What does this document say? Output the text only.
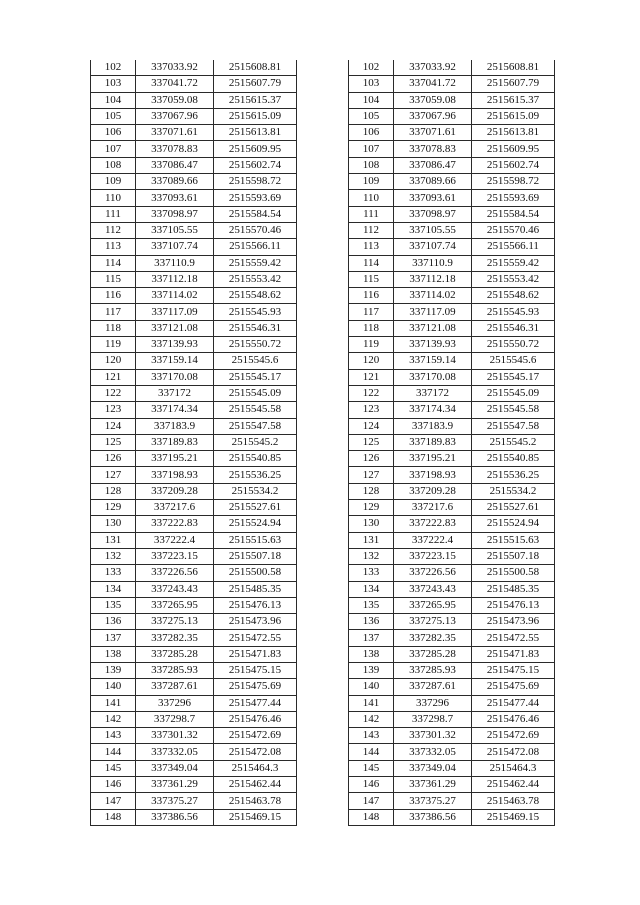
102	337033.92	2515608.81
103	337041.72	2515607.79
104	337059.08	2515615.37
105	337067.96	2515615.09
106	337071.61	2515613.81
107	337078.83	2515609.95
108	337086.47	2515602.74
109	337089.66	2515598.72
110	337093.61	2515593.69
111	337098.97	2515584.54
112	337105.55	2515570.46
113	337107.74	2515566.11
114	337110.9	2515559.42
115	337112.18	2515553.42
116	337114.02	2515548.62
117	337117.09	2515545.93
118	337121.08	2515546.31
119	337139.93	2515550.72
120	337159.14	2515545.6
121	337170.08	2515545.17
122	337172	2515545.09
123	337174.34	2515545.58
124	337183.9	2515547.58
125	337189.83	2515545.2
126	337195.21	2515540.85
127	337198.93	2515536.25
128	337209.28	2515534.2
129	337217.6	2515527.61
130	337222.83	2515524.94
131	337222.4	2515515.63
132	337223.15	2515507.18
133	337226.56	2515500.58
134	337243.43	2515485.35
135	337265.95	2515476.13
136	337275.13	2515473.96
137	337282.35	2515472.55
138	337285.28	2515471.83
139	337285.93	2515475.15
140	337287.61	2515475.69
141	337296	2515477.44
142	337298.7	2515476.46
143	337301.32	2515472.69
144	337332.05	2515472.08
145	337349.04	2515464.3
146	337361.29	2515462.44
147	337375.27	2515463.78
148	337386.56	2515469.15
102	337033.92	2515608.81
103	337041.72	2515607.79
104	337059.08	2515615.37
105	337067.96	2515615.09
106	337071.61	2515613.81
107	337078.83	2515609.95
108	337086.47	2515602.74
109	337089.66	2515598.72
110	337093.61	2515593.69
111	337098.97	2515584.54
112	337105.55	2515570.46
113	337107.74	2515566.11
114	337110.9	2515559.42
115	337112.18	2515553.42
116	337114.02	2515548.62
117	337117.09	2515545.93
118	337121.08	2515546.31
119	337139.93	2515550.72
120	337159.14	2515545.6
121	337170.08	2515545.17
122	337172	2515545.09
123	337174.34	2515545.58
124	337183.9	2515547.58
125	337189.83	2515545.2
126	337195.21	2515540.85
127	337198.93	2515536.25
128	337209.28	2515534.2
129	337217.6	2515527.61
130	337222.83	2515524.94
131	337222.4	2515515.63
132	337223.15	2515507.18
133	337226.56	2515500.58
134	337243.43	2515485.35
135	337265.95	2515476.13
136	337275.13	2515473.96
137	337282.35	2515472.55
138	337285.28	2515471.83
139	337285.93	2515475.15
140	337287.61	2515475.69
141	337296	2515477.44
142	337298.7	2515476.46
143	337301.32	2515472.69
144	337332.05	2515472.08
145	337349.04	2515464.3
146	337361.29	2515462.44
147	337375.27	2515463.78
148	337386.56	2515469.15
